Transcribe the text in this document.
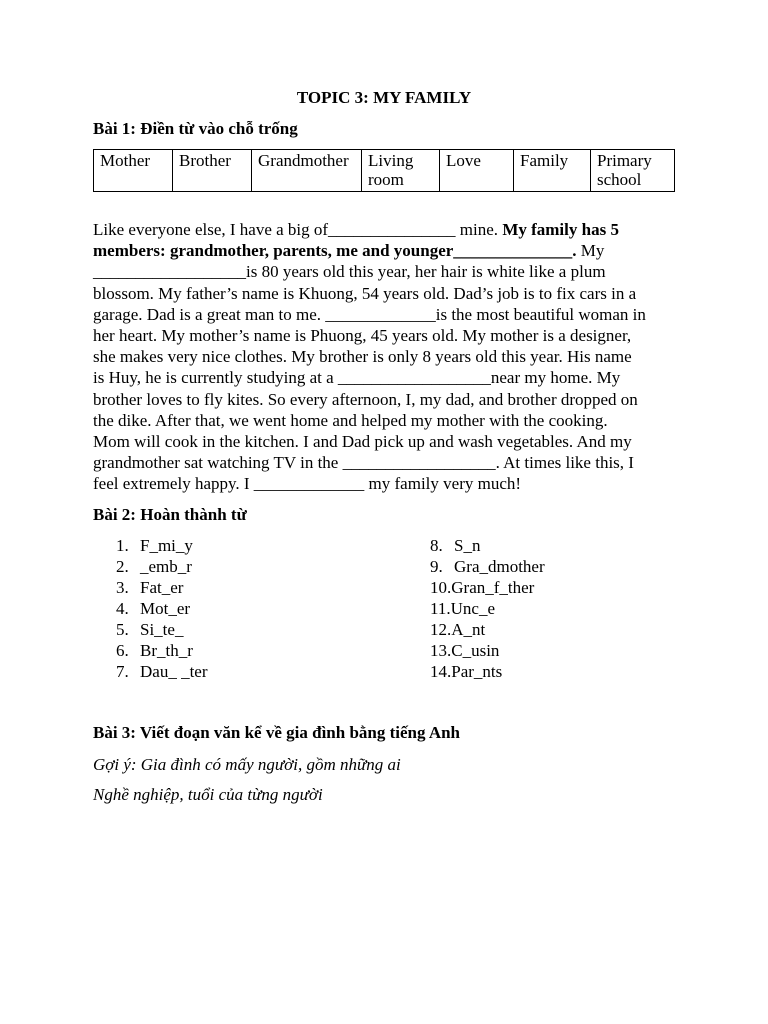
TOPIC 3: MY FAMILY
Bài 1: Điền từ vào chỗ trống
Mother	Brother	Grandmother	Living room	Love	Family	Primary school
Like everyone else, I have a big of_______________ mine. My family has 5
members: grandmother, parents, me and younger______________. My
__________________is 80 years old this year, her hair is white like a plum
blossom. My father’s name is Khuong, 54 years old. Dad’s job is to fix cars in a
garage. Dad is a great man to me. _____________is the most beautiful woman in
her heart. My mother’s name is Phuong, 45 years old. My mother is a designer,
she makes very nice clothes. My brother is only 8 years old this year. His name
is Huy, he is currently studying at a __________________near my home. My
brother loves to fly kites. So every afternoon, I, my dad, and brother dropped on
the dike. After that, we went home and helped my mother with the cooking.
Mom will cook in the kitchen. I and Dad pick up and wash vegetables. And my
grandmother sat watching TV in the __________________. At times like this, I
feel extremely happy. I _____________ my family very much!
Bài 2: Hoàn thành từ
1. F_mi_y
2. _emb_r
3. Fat_er
4. Mot_er
5. Si_te_
6. Br_th_r
7. Dau_ _ter
8. S_n
9. Gra_dmother
10.Gran_f_ther
11.Unc_e
12.A_nt
13.C_usin
14.Par_nts
Bài 3: Viết đoạn văn kể về gia đình bằng tiếng Anh
Gợi ý: Gia đình có mấy người, gồm những ai
Nghề nghiệp, tuổi của từng người
